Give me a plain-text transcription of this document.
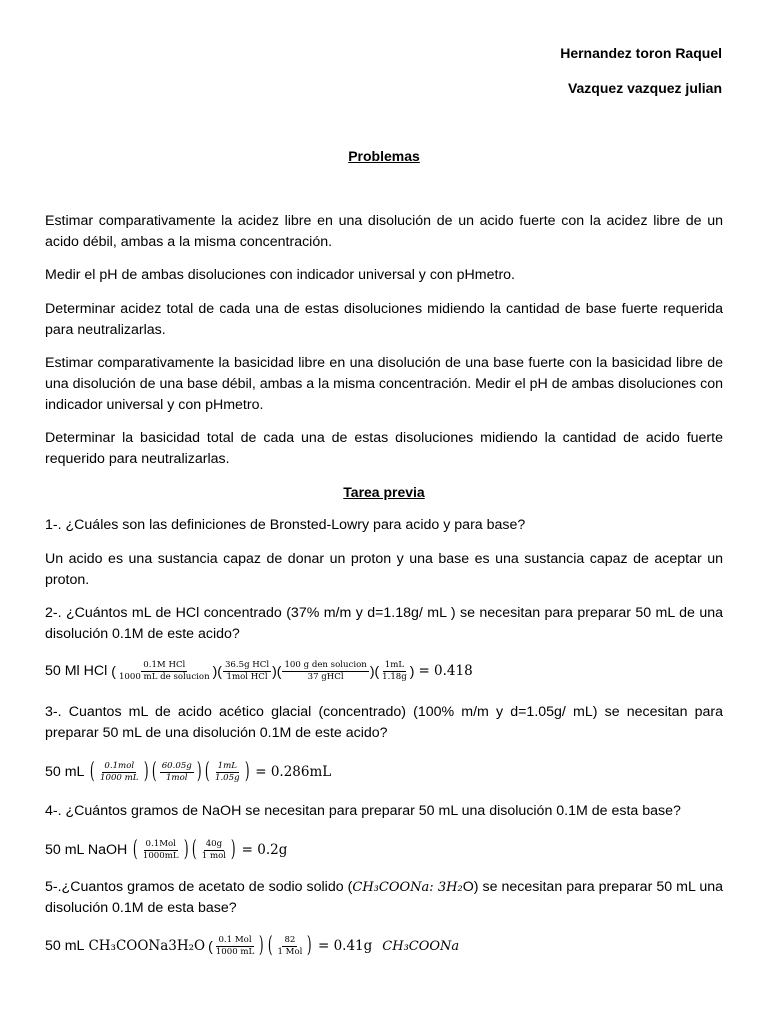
Hernandez toron Raquel
Vazquez vazquez julian
Problemas

Estimar comparativamente la acidez libre en una disolución de un acido fuerte con la acidez libre de un acido débil, ambas a la misma concentración.

Medir el pH de ambas disoluciones con indicador universal y con pHmetro.

Determinar acidez total de cada una de estas disoluciones midiendo la cantidad de base fuerte requerida para neutralizarlas.

Estimar comparativamente la basicidad libre en una disolución de una base fuerte con la basicidad libre de una disolución de una base débil, ambas a la misma concentración. Medir el pH de ambas disoluciones con indicador universal y con pHmetro.

Determinar la basicidad total de cada una de estas disoluciones midiendo la cantidad de acido fuerte requerido para neutralizarlas.

Tarea previa

1-. ¿Cuáles son las definiciones de Bronsted-Lowry para acido y para base?

Un acido es una sustancia capaz de donar un proton y una base es una sustancia capaz de aceptar un proton.

2-. ¿Cuántos mL de HCl concentrado (37% m/m y d=1.18g/ mL ) se necesitan para preparar 50 mL de una disolución 0.1M de este acido?

50 Ml HCl ( $\frac{\text{0.1M HCl}}{\text{1000 mL de solucion}}$ )( $\frac{\text{36.5g HCl}}{\text{1mol HCl}}$ )( $\frac{\text{100 g den solucion}}{\text{37 gHCl}}$ )( $\frac{1mL}{1.18g}$ ) = 0.418

3-. Cuantos mL de acido acético glacial (concentrado) (100% m/m y d=1.05g/ mL) se necesitan para preparar 50 mL de una disolución 0.1M de este acido?

50 mL ( $\frac{\text{0.1mol}}{1000 mL}$ ) ( $\frac{60.05g}{\text{1mol}}$ ) ( $\frac{1mL}{1.05g}$ ) = 0.286mL

4-. ¿Cuántos gramos de NaOH se necesitan para preparar 50 mL una disolución 0.1M de esta base?

50 mL NaOH ( $\frac{\text{0.1Mol}}{1000mL}$ ) ( $\frac{40g}{\text{1 mol}}$ ) = 0.2g

5-.¿Cuantos gramos de acetato de sodio solido (CH₃COONa: 3H₂O) se necesitan para preparar 50 mL una disolución 0.1M de esta base?

50 mL CH₃COONa3H₂O ( $\frac{\text{0.1 Mol}}{1000 mL}$ ) ( $\frac{82}{\text{1 Mol}}$ ) = 0.41g CH₃COONa
